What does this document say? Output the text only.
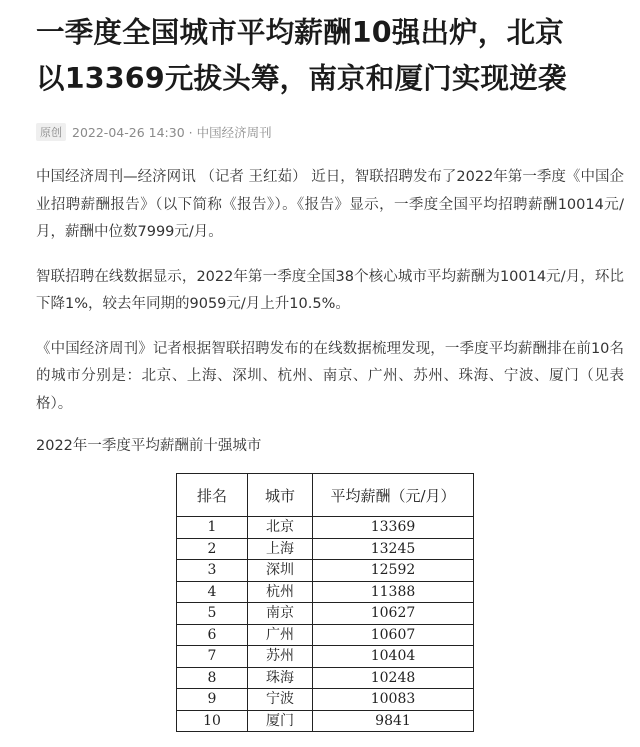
一季度全国城市平均薪酬10强出炉，北京
以13369元拔头筹，南京和厦门实现逆袭
原创 2022-04-26 14:30 · 中国经济周刊

中国经济周刊—经济网讯 （记者 王红茹） 近日，智联招聘发布了2022年第一季度《中国企业招聘薪酬报告》（以下简称《报告》）。《报告》显示，一季度全国平均招聘薪酬10014元/月，薪酬中位数7999元/月。

智联招聘在线数据显示，2022年第一季度全国38个核心城市平均薪酬为10014元/月，环比下降1%，较去年同期的9059元/月上升10.5%。

《中国经济周刊》记者根据智联招聘发布的在线数据梳理发现，一季度平均薪酬排在前10名的城市分别是：北京、上海、深圳、杭州、南京、广州、苏州、珠海、宁波、厦门（见表格）。

2022年一季度平均薪酬前十强城市

排名	城市	平均薪酬（元/月）
1	北京	13369
2	上海	13245
3	深圳	12592
4	杭州	11388
5	南京	10627
6	广州	10607
7	苏州	10404
8	珠海	10248
9	宁波	10083
10	厦门	9841
